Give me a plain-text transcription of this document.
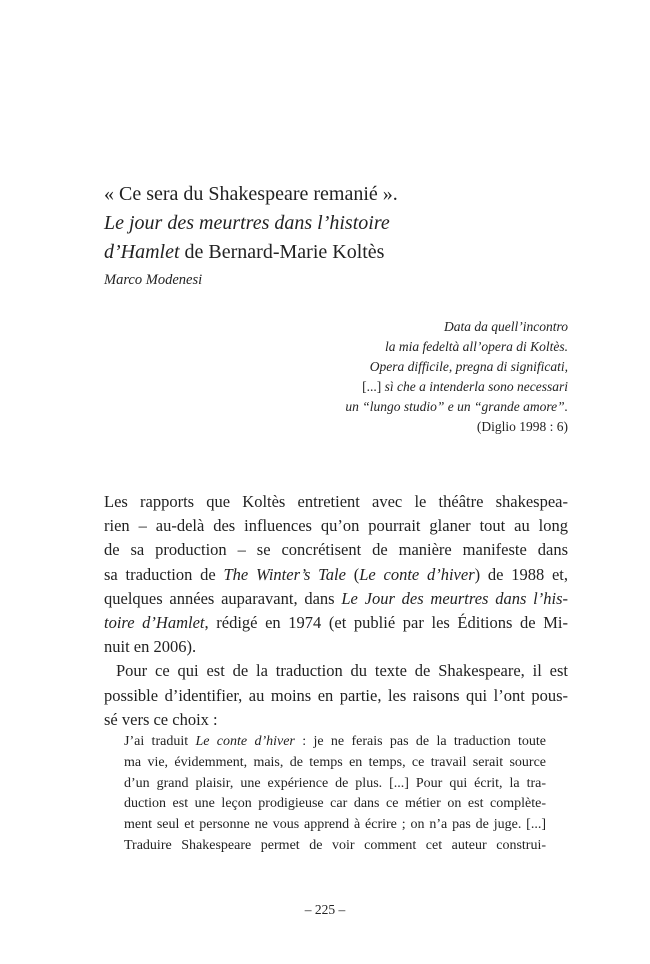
« Ce sera du Shakespeare remanié ».
Le jour des meurtres dans l’histoire
d’Hamlet de Bernard-Marie Koltès
Marco Modenesi
Data da quell’incontro
la mia fedeltà all’opera di Koltès.
Opera difficile, pregna di significati,
[...] sì che a intenderla sono necessari
un “lungo studio” e un “grande amore”.
(Diglio 1998 : 6)
Les rapports que Koltès entretient avec le théâtre shakespea-
rien – au-delà des influences qu’on pourrait glaner tout au long
de sa production – se concrétisent de manière manifeste dans
sa traduction de The Winter’s Tale (Le conte d’hiver) de 1988 et,
quelques années auparavant, dans Le Jour des meurtres dans l’his-
toire d’Hamlet, rédigé en 1974 (et publié par les Éditions de Mi-
nuit en 2006).
Pour ce qui est de la traduction du texte de Shakespeare, il est
possible d’identifier, au moins en partie, les raisons qui l’ont pous-
sé vers ce choix :
J’ai traduit Le conte d’hiver : je ne ferais pas de la traduction toute
ma vie, évidemment, mais, de temps en temps, ce travail serait source
d’un grand plaisir, une expérience de plus. [...] Pour qui écrit, la tra-
duction est une leçon prodigieuse car dans ce métier on est complète-
ment seul et personne ne vous apprend à écrire ; on n’a pas de juge. [...]
Traduire Shakespeare permet de voir comment cet auteur construi-
– 225 –
